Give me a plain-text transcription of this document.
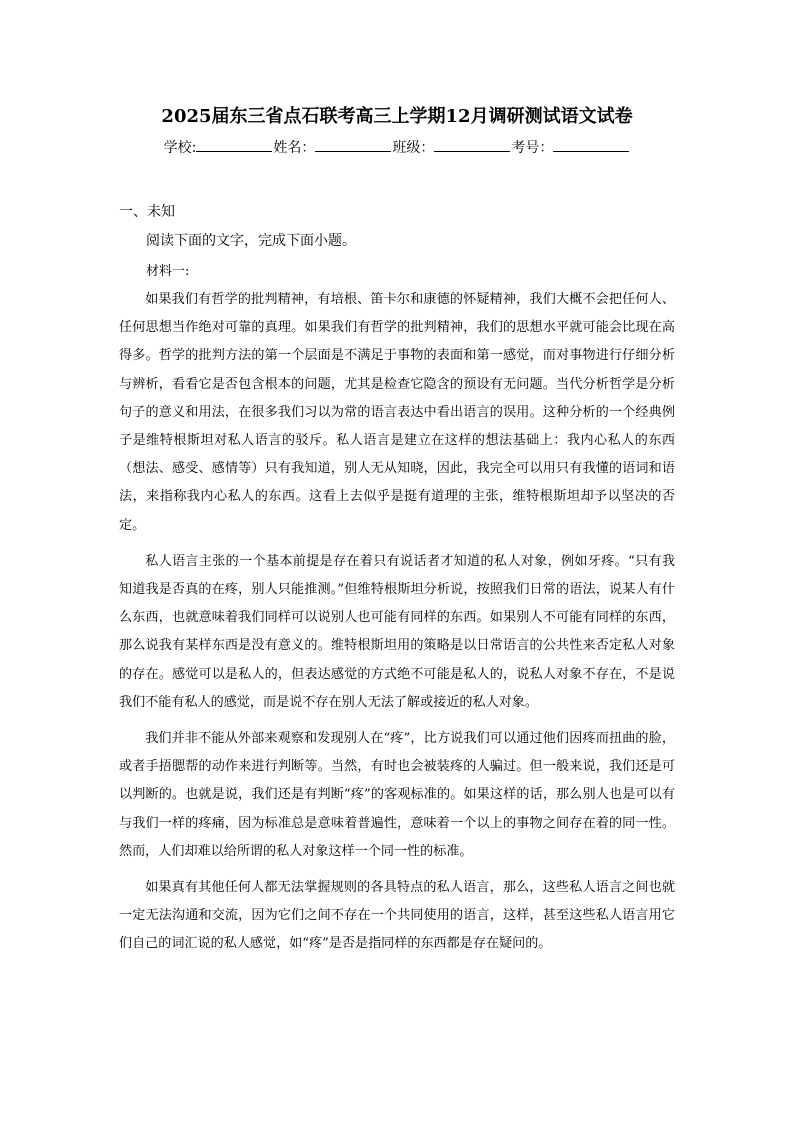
2025届东三省点石联考高三上学期12月调研测试语文试卷
学校:	姓名：	班级：	考号：
一、未知
阅读下面的文字，完成下面小题。
材料一:

如果我们有哲学的批判精神，有培根、笛卡尔和康德的怀疑精神，我们大概不会把任何人、任何思想当作绝对可靠的真理。如果我们有哲学的批判精神，我们的思想水平就可能会比现在高得多。哲学的批判方法的第一个层面是不满足于事物的表面和第一感觉，而对事物进行仔细分析与辨析，看看它是否包含根本的问题，尤其是检查它隐含的预设有无问题。当代分析哲学是分析句子的意义和用法，在很多我们习以为常的语言表达中看出语言的误用。这种分析的一个经典例子是维特根斯坦对私人语言的驳斥。私人语言是建立在这样的想法基础上：我内心私人的东西（想法、感受、感情等）只有我知道，别人无从知晓，因此，我完全可以用只有我懂的语词和语法，来指称我内心私人的东西。这看上去似乎是挺有道理的主张，维特根斯坦却予以坚决的否定。

私人语言主张的一个基本前提是存在着只有说话者才知道的私人对象，例如牙疼。“只有我知道我是否真的在疼，别人只能推测。”但维特根斯坦分析说，按照我们日常的语法，说某人有什么东西，也就意味着我们同样可以说别人也可能有同样的东西。如果别人不可能有同样的东西，那么说我有某样东西是没有意义的。维特根斯坦用的策略是以日常语言的公共性来否定私人对象的存在。感觉可以是私人的，但表达感觉的方式绝不可能是私人的，说私人对象不存在，不是说我们不能有私人的感觉，而是说不存在别人无法了解或接近的私人对象。

我们并非不能从外部来观察和发现别人在“疼”，比方说我们可以通过他们因疼而扭曲的脸，或者手捂腮帮的动作来进行判断等。当然，有时也会被装疼的人骗过。但一般来说，我们还是可以判断的。也就是说，我们还是有判断“疼”的客观标准的。如果这样的话，那么别人也是可以有与我们一样的疼痛，因为标准总是意味着普遍性，意味着一个以上的事物之间存在着的同一性。然而，人们却难以给所谓的私人对象这样一个同一性的标准。

如果真有其他任何人都无法掌握规则的各具特点的私人语言，那么，这些私人语言之间也就一定无法沟通和交流，因为它们之间不存在一个共同使用的语言，这样，甚至这些私人语言用它们自己的词汇说的私人感觉，如“疼”是否是指同样的东西都是存在疑问的。
